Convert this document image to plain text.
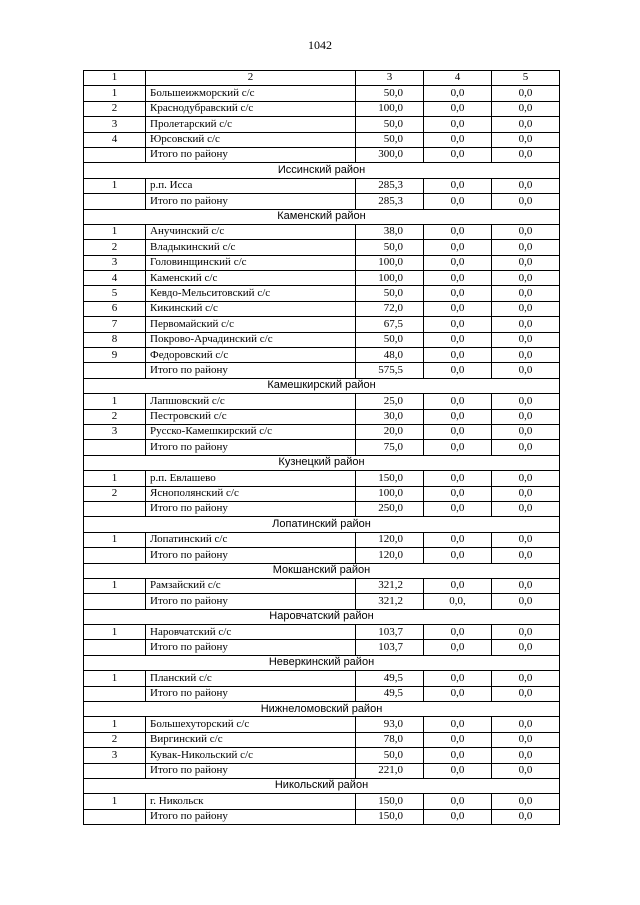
1042
1	2	3	4	5
1	Большеижморский с/с	50,0	0,0	0,0
2	Краснодубравский с/с	100,0	0,0	0,0
3	Пролетарский с/с	50,0	0,0	0,0
4	Юрсовский с/с	50,0	0,0	0,0
	Итого по району	300,0	0,0	0,0
Иссинский район				
1	р.п. Исса	285,3	0,0	0,0
	Итого по району	285,3	0,0	0,0
Каменский район				
1	Анучинский с/с	38,0	0,0	0,0
2	Владыкинский с/с	50,0	0,0	0,0
3	Головинщинский с/с	100,0	0,0	0,0
4	Каменский с/с	100,0	0,0	0,0
5	Кевдо-Мельситовский с/с	50,0	0,0	0,0
6	Кикинский с/с	72,0	0,0	0,0
7	Первомайский с/с	67,5	0,0	0,0
8	Покрово-Арчадинский с/с	50,0	0,0	0,0
9	Федоровский с/с	48,0	0,0	0,0
	Итого по району	575,5	0,0	0,0
Камешкирский район				
1	Лапшовский с/с	25,0	0,0	0,0
2	Пестровский с/с	30,0	0,0	0,0
3	Русско-Камешкирский с/с	20,0	0,0	0,0
	Итого по району	75,0	0,0	0,0
Кузнецкий район				
1	р.п. Евлашево	150,0	0,0	0,0
2	Яснополянский с/с	100,0	0,0	0,0
	Итого по району	250,0	0,0	0,0
Лопатинский район				
1	Лопатинский с/с	120,0	0,0	0,0
	Итого по району	120,0	0,0	0,0
Мокшанский район				
1	Рамзайский с/с	321,2	0,0	0,0
	Итого по району	321,2	0,0,	0,0
Наровчатский район				
1	Наровчатский с/с	103,7	0,0	0,0
	Итого по району	103,7	0,0	0,0
Неверкинский район				
1	Планский с/с	49,5	0,0	0,0
	Итого по району	49,5	0,0	0,0
Нижнеломовский район				
1	Большехуторский с/с	93,0	0,0	0,0
2	Виргинский с/с	78,0	0,0	0,0
3	Кувак-Никольский с/с	50,0	0,0	0,0
	Итого по району	221,0	0,0	0,0
Никольский район				
1	г. Никольск	150,0	0,0	0,0
	Итого по району	150,0	0,0	0,0
